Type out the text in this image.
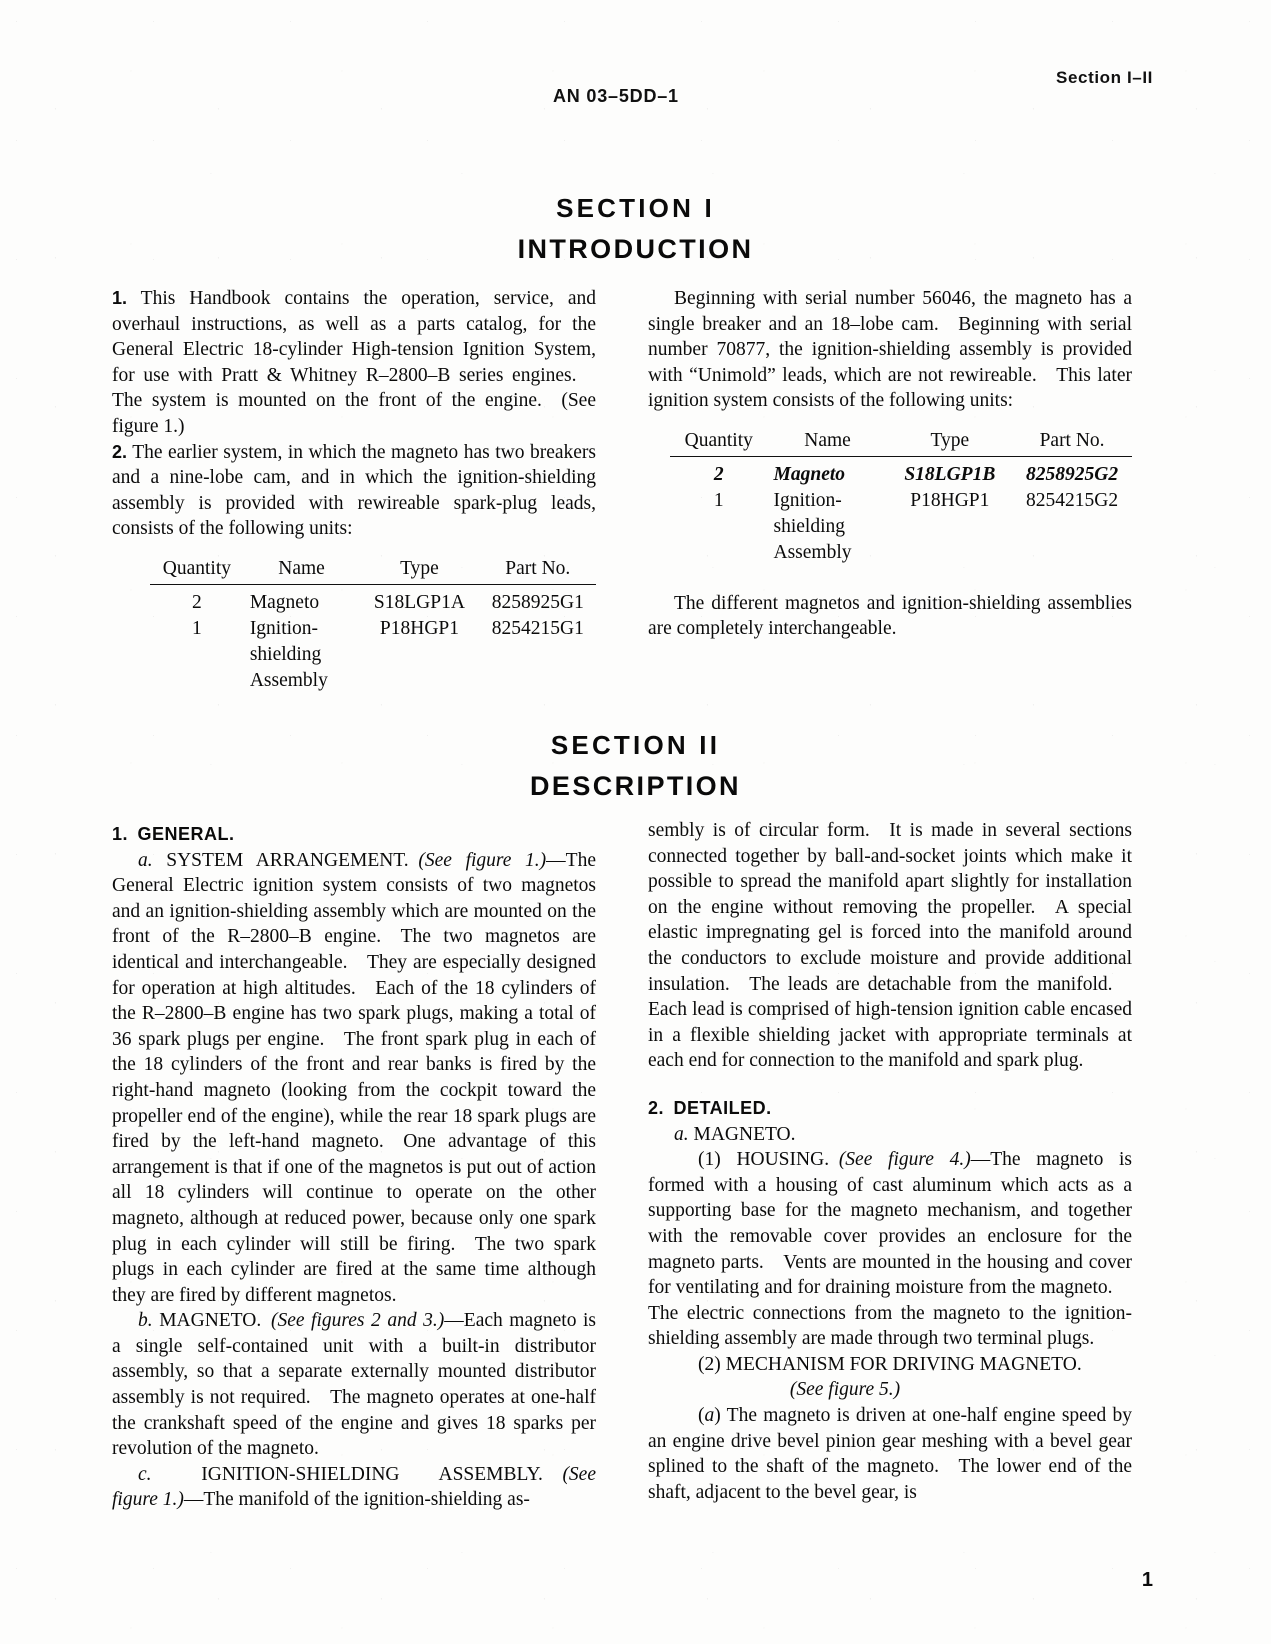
Section I–II
AN 03–5DD–1
SECTION I
INTRODUCTION

1. This Handbook contains the operation, service, and overhaul instructions, as well as a parts catalog, for the General Electric 18-cylinder High-tension Ignition System, for use with Pratt & Whitney R–2800–B series engines. The system is mounted on the front of the engine. (See figure 1.)

2. The earlier system, in which the magneto has two breakers and a nine-lobe cam, and in which the ignition-shielding assembly is provided with rewireable spark-plug leads, consists of the following units:

Quantity	Name	Type	Part No.
2	Magneto	S18LGP1A	8258925G1
1	Ignition-	P18HGP1	8254215G1
	shielding		
	Assembly		

Beginning with serial number 56046, the magneto has a single breaker and an 18–lobe cam. Beginning with serial number 70877, the ignition-shielding assembly is provided with “Unimold” leads, which are not rewireable. This later ignition system consists of the following units:

Quantity	Name	Type	Part No.
2	Magneto	S18LGP1B	8258925G2
1	Ignition-	P18HGP1	8254215G2
	shielding		
	Assembly		

The different magnetos and ignition-shielding assemblies are completely interchangeable.

SECTION II
DESCRIPTION

1. GENERAL.

a. SYSTEM ARRANGEMENT.  (See figure 1.)—The General Electric ignition system consists of two magnetos and an ignition-shielding assembly which are mounted on the front of the R–2800–B engine. The two magnetos are identical and interchangeable. They are especially designed for operation at high altitudes. Each of the 18 cylinders of the R–2800–B engine has two spark plugs, making a total of 36 spark plugs per engine. The front spark plug in each of the 18 cylinders of the front and rear banks is fired by the right-hand magneto (looking from the cockpit toward the propeller end of the engine), while the rear 18 spark plugs are fired by the left-hand magneto. One advantage of this arrangement is that if one of the magnetos is put out of action all 18 cylinders will continue to operate on the other magneto, although at reduced power, because only one spark plug in each cylinder will still be firing. The two spark plugs in each cylinder are fired at the same time although they are fired by different magnetos.

b. MAGNETO.  (See figures 2 and 3.)—Each magneto is a single self-contained unit with a built-in distributor assembly, so that a separate externally mounted distributor assembly is not required. The magneto operates at one-half the crankshaft speed of the engine and gives 18 sparks per revolution of the magneto.

c.	IGNITION-SHIELDING  ASSEMBLY.   (See figure 1.)—The manifold of the ignition-shielding as-

sembly is of circular form. It is made in several sections connected together by ball-and-socket joints which make it possible to spread the manifold apart slightly for installation on the engine without removing the propeller. A special elastic impregnating gel is forced into the manifold around the conductors to exclude moisture and provide additional insulation. The leads are detachable from the manifold. Each lead is comprised of high-tension ignition cable encased in a flexible shielding jacket with appropriate terminals at each end for connection to the manifold and spark plug.

2. DETAILED.

a. MAGNETO.

(1) HOUSING.  (See figure 4.)—The magneto is formed with a housing of cast aluminum which acts as a supporting base for the magneto mechanism, and together with the removable cover provides an enclosure for the magneto parts. Vents are mounted in the housing and cover for ventilating and for draining moisture from the magneto. The electric connections from the magneto to the ignition-shielding assembly are made through two terminal plugs.

(2) MECHANISM FOR DRIVING MAGNETO.

(See figure 5.)

(a) The magneto is driven at one-half engine speed by an engine drive bevel pinion gear meshing with a bevel gear splined to the shaft of the magneto. The lower end of the shaft, adjacent to the bevel gear, is

1
